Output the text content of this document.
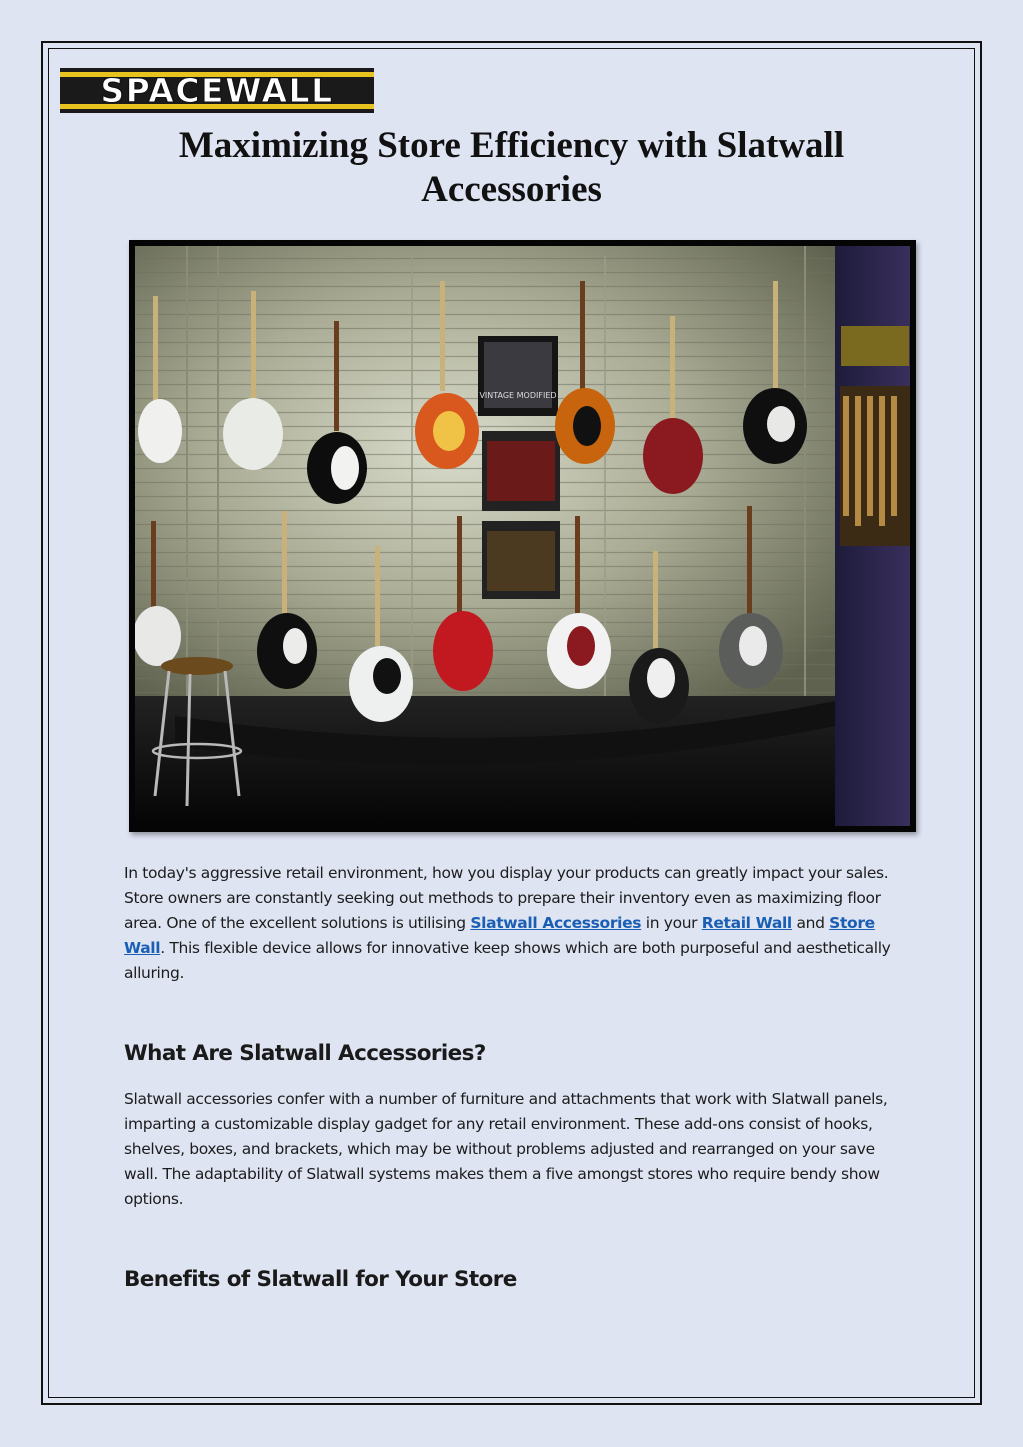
SPACEWALL
Maximizing Store Efficiency with Slatwall Accessories
VINTAGE MODIFIED

In today's aggressive retail environment, how you display your products can greatly impact your sales. Store owners are constantly seeking out methods to prepare their inventory even as maximizing floor area. One of the excellent solutions is utilising Slatwall Accessories in your Retail Wall and Store Wall. This flexible device allows for innovative keep shows which are both purposeful and aesthetically alluring.

What Are Slatwall Accessories?

Slatwall accessories confer with a number of furniture and attachments that work with Slatwall panels, imparting a customizable display gadget for any retail environment. These add-ons consist of hooks, shelves, boxes, and brackets, which may be without problems adjusted and rearranged on your save wall. The adaptability of Slatwall systems makes them a five amongst stores who require bendy show options.

Benefits of Slatwall for Your Store
